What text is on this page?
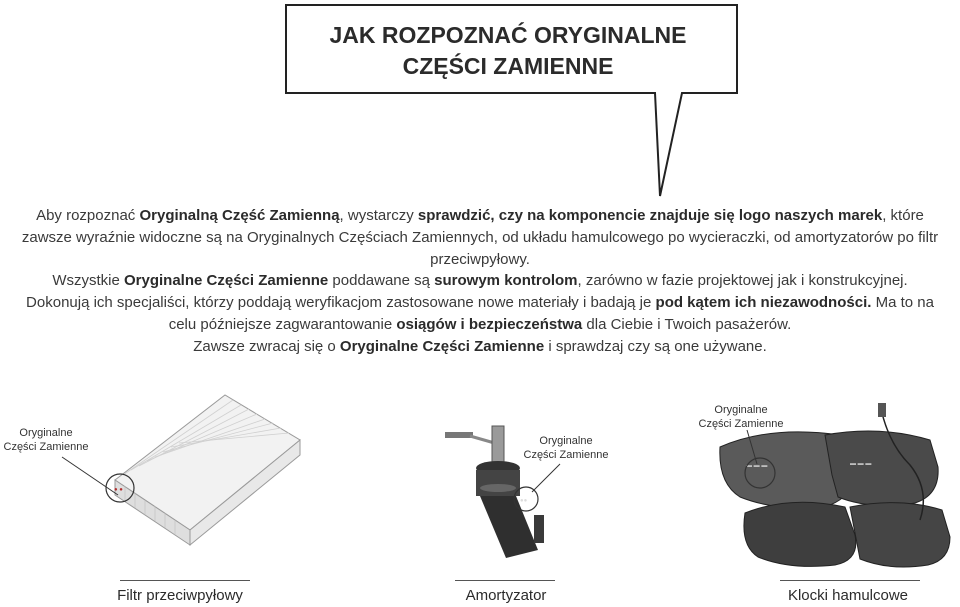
JAK ROZPOZNAĆ ORYGINALNE
CZĘŚCI ZAMIENNE
Aby rozpoznać Oryginalną Część Zamienną, wystarczy sprawdzić, czy na komponencie znajduje się logo naszych marek, które zawsze wyraźnie widoczne są na Oryginalnych Częściach Zamiennych, od układu hamulcowego po wycieraczki, od amortyzatorów po filtr przeciwpyłowy.
Wszystkie Oryginalne Części Zamienne poddawane są surowym kontrolom, zarówno w fazie projektowej jak i konstrukcyjnej. Dokonują ich specjaliści, którzy poddają weryfikacjom zastosowane nowe materiały i badają je pod kątem ich niezawodności. Ma to na celu późniejsze zagwarantowanie osiągów i bezpieczeństwa dla Ciebie i Twoich pasażerów.
Zawsze zwracaj się o Oryginalne Części Zamienne i sprawdzaj czy są one używane.
● ●
●●
▬ ▬ ▬	▬ ▬ ▬
Oryginalne
Części Zamienne	Oryginalne
Części Zamienne
Oryginalne
Części Zamienne
Filtr przeciwpyłowy	Amortyzator	Klocki hamulcowe
